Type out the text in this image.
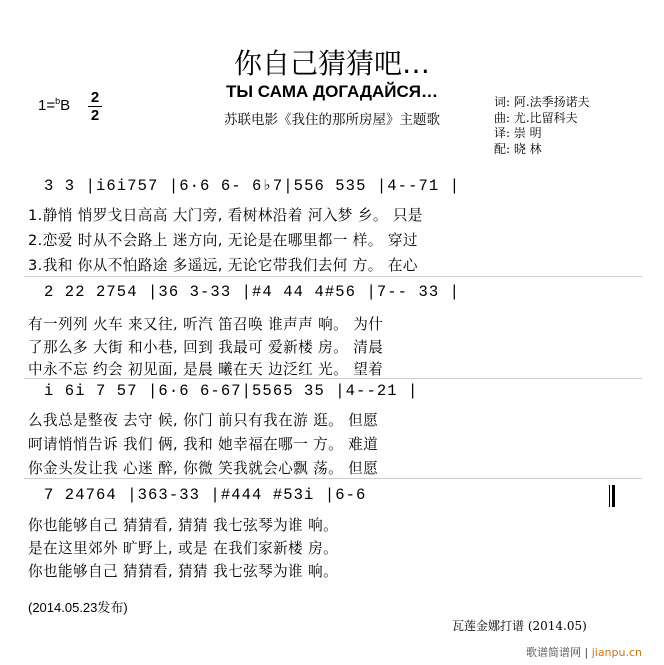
你自己猜猜吧…
ТЫ САМА ДОГАДАЙСЯ…
苏联电影《我住的那所房屋》主题歌
1=$^b$B 2
2
词: 阿.法季扬诺夫
曲: 尤.比留科夫
译: 崇 明
配: 晓 林
3 3 |i6i757 |6·6 6- 6♭7|556 535 |4--71 |
1.静悄 悄罗戈日高高 大门旁, 看树林沿着 河入梦 乡。 只是
2.恋爱 时从不会路上 迷方向, 无论是在哪里都一 样。 穿过
3.我和 你从不怕路途 多遥远, 无论它带我们去何 方。 在心
2 22 2754 |36 3-33 |#4 44 4#56 |7-- 33 |
有一列列 火车 来又往, 听汽 笛召唤 谁声声 响。 为什
了那么多 大街 和小巷, 回到 我最可 爱新楼 房。 清晨
中永不忘 约会 初见面, 是晨 曦在天 边泛红 光。 望着
i 6i 7 57 |6·6 6-67|5565 35 |4--21 |
么我总是整夜 去守 候, 你门 前只有我在游 逛。 但愿
呵请悄悄告诉 我们 俩, 我和 她幸福在哪一 方。 难道
你金头发让我 心迷 醉, 你微 笑我就会心飘 荡。 但愿
7 24764 |363-33 |#444 #53i |6-6
你也能够自己 猜猜看, 猜猜 我七弦琴为谁 响。
是在这里郊外 旷野上, 或是 在我们家新楼 房。
你也能够自己 猜猜看, 猜猜 我七弦琴为谁 响。
(2014.05.23发布)
瓦莲金娜打谱 (2014.05)
歌谱简谱网 | jianpu.cn
